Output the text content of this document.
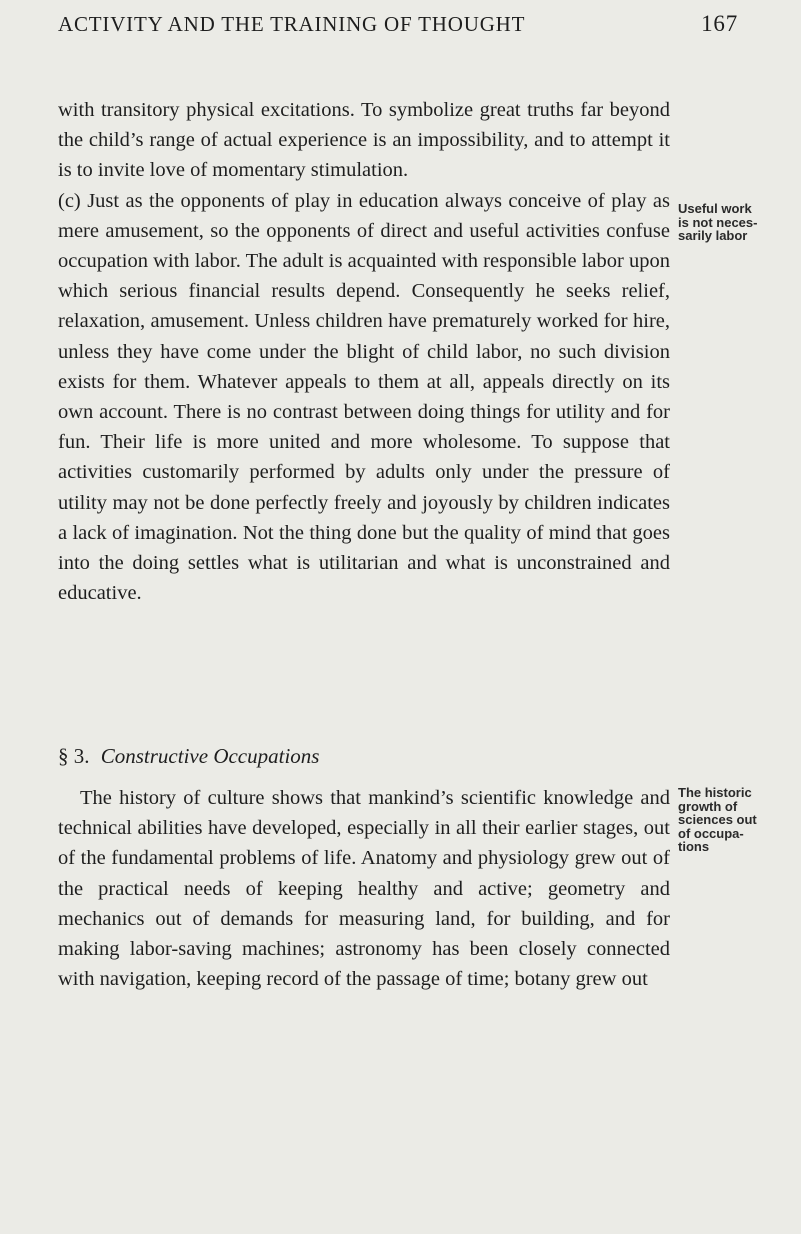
ACTIVITY AND THE TRAINING OF THOUGHT	167

with transitory physical excitations. To symbolize great truths far beyond the child’s range of actual experience is an impossibility, and to attempt it is to invite love of momentary stimulation.

(c) Just as the opponents of play in education always conceive of play as mere amusement, so the opponents of direct and useful activities confuse occupation with labor. The adult is acquainted with responsible labor upon which serious financial results depend. Consequently he seeks relief, relaxation, amusement. Unless children have prematurely worked for hire, unless they have come under the blight of child labor, no such division exists for them. Whatever appeals to them at all, appeals directly on its own account. There is no contrast between doing things for utility and for fun. Their life is more united and more wholesome. To suppose that activities customarily performed by adults only under the pressure of utility may not be done perfectly freely and joyously by children indicates a lack of imagination. Not the thing done but the quality of mind that goes into the doing settles what is utilitarian and what is unconstrained and educative.

§ 3. Constructive Occupations

The history of culture shows that mankind’s scientific knowledge and technical abilities have developed, especially in all their earlier stages, out of the fundamental problems of life. Anatomy and physiology grew out of the practical needs of keeping healthy and active; geometry and mechanics out of demands for measuring land, for building, and for making labor-saving machines; astronomy has been closely connected with navigation, keeping record of the passage of time; botany grew out

Useful work
is not neces-
sarily labor
The historic
growth of
sciences out
of occupa-
tions
